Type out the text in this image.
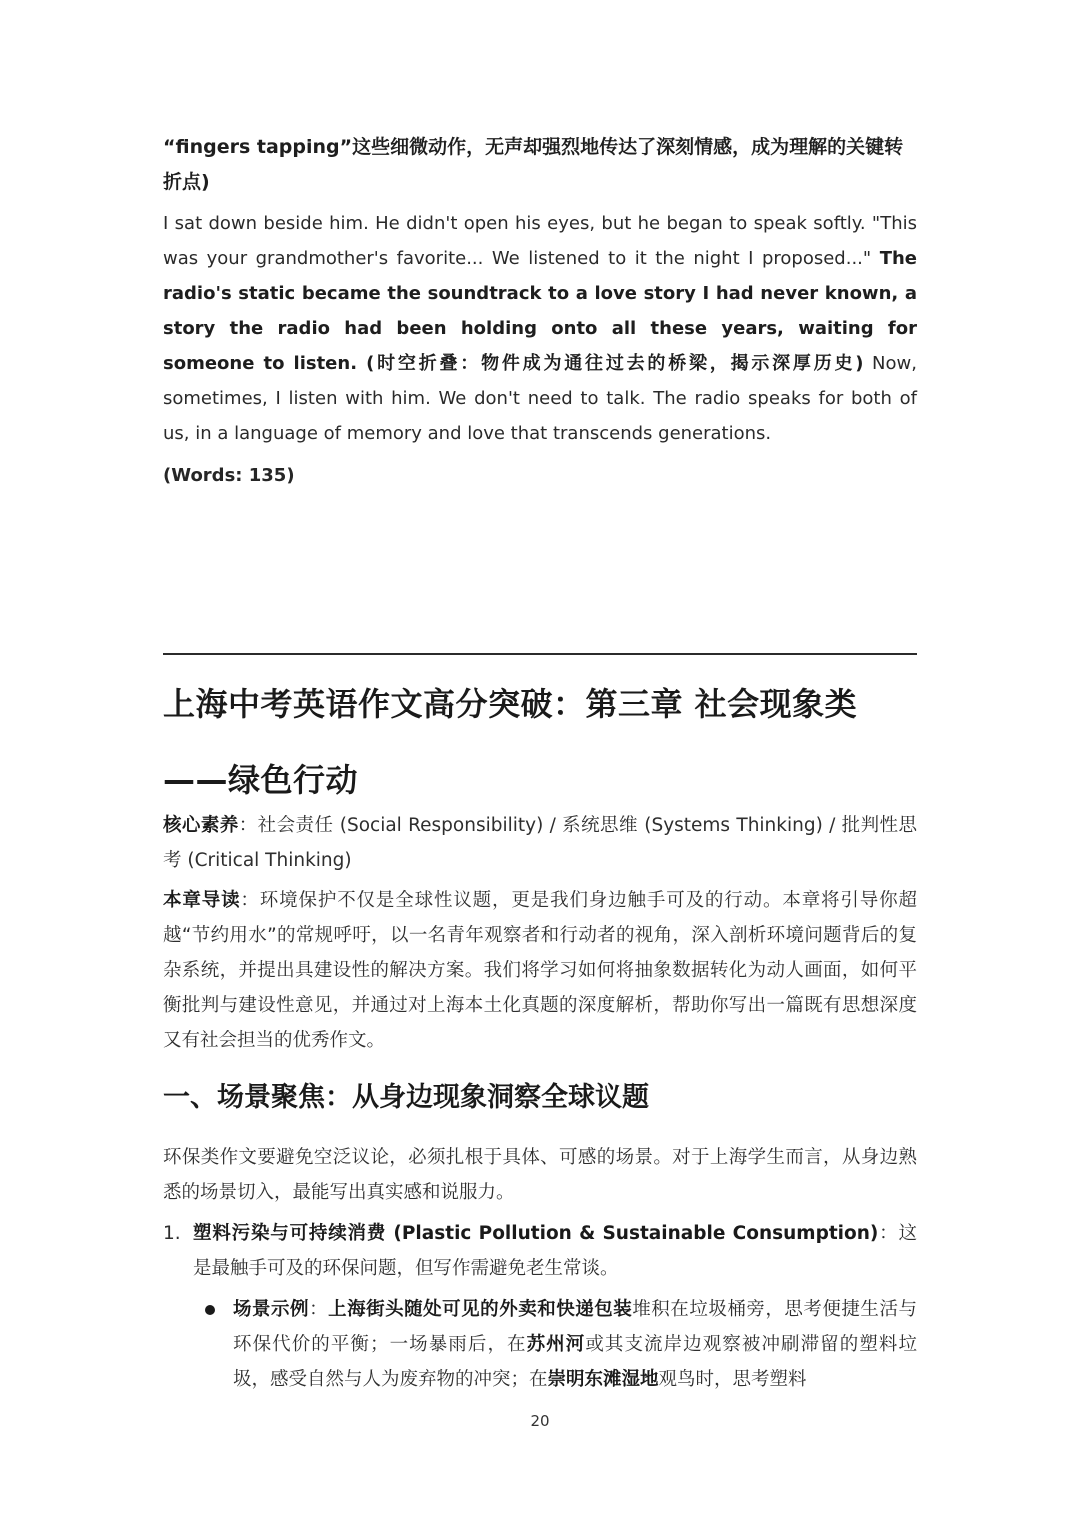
“fingers tapping”这些细微动作，无声却强烈地传达了深刻情感，成为理解的关键转折点)

I sat down beside him. He didn't open his eyes, but he began to speak softly. "This was your grandmother's favorite... We listened to it the night I proposed..." The radio's static became the soundtrack to a love story I had never known, a story the radio had been holding onto all these years, waiting for someone to listen. (时空折叠：物件成为通往过去的桥梁，揭示深厚历史) Now, sometimes, I listen with him. We don't need to talk. The radio speaks for both of us, in a language of memory and love that transcends generations.

(Words: 135)

上海中考英语作文高分突破：第三章 社会现象类——绿色行动

核心素养：社会责任 (Social Responsibility) / 系统思维 (Systems Thinking) / 批判性思考 (Critical Thinking)

本章导读：环境保护不仅是全球性议题，更是我们身边触手可及的行动。本章将引导你超越“节约用水”的常规呼吁，以一名青年观察者和行动者的视角，深入剖析环境问题背后的复杂系统，并提出具建设性的解决方案。我们将学习如何将抽象数据转化为动人画面，如何平衡批判与建设性意见，并通过对上海本土化真题的深度解析，帮助你写出一篇既有思想深度又有社会担当的优秀作文。

一、场景聚焦：从身边现象洞察全球议题

环保类作文要避免空泛议论，必须扎根于具体、可感的场景。对于上海学生而言，从身边熟悉的场景切入，最能写出真实感和说服力。

1. 塑料污染与可持续消费 (Plastic Pollution & Sustainable Consumption)：这是最触手可及的环保问题，但写作需避免老生常谈。
场景示例：上海街头随处可见的外卖和快递包装堆积在垃圾桶旁，思考便捷生活与环保代价的平衡；一场暴雨后，在苏州河或其支流岸边观察被冲刷滞留的塑料垃圾，感受自然与人为废弃物的冲突；在崇明东滩湿地观鸟时，思考塑料
20
